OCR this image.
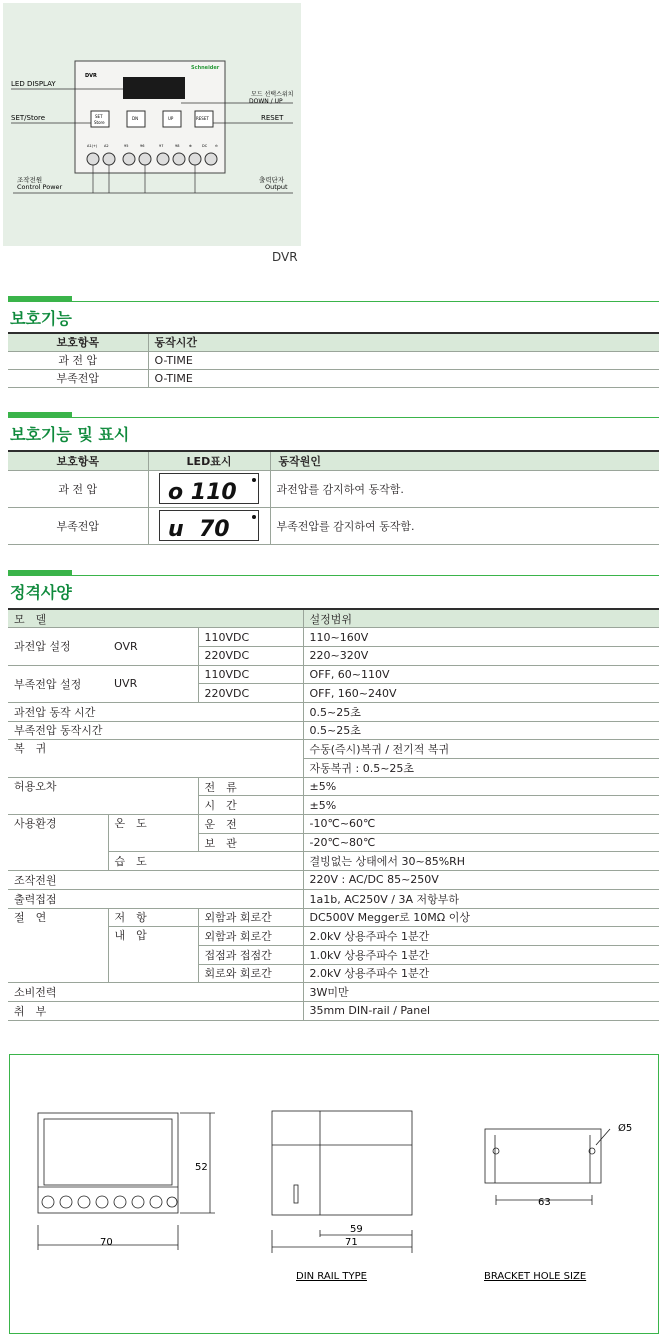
DVR
Schneider
SET
Store
DN	UP	RESET
A1(+) A2	95	96	97	98	⊕	DC ⊖
LED DISPLAY
SET/Store
모드 선택스위치
DOWN / UP
RESET
조작전원
Control Power
출력단자
Output
DVR
보호기능
보호항목	동작시간
과 전 압	O-TIME
부족전압	O-TIME
보호기능 및 표시
보호항목	LED표시	동작원인
과 전 압	o 110	과전압를 감지하여 동작함.
부족전압	u  70	부족전압를 감지하여 동작함.
정격사양
모　델			설정범위
과전압 설정	OVR	110VDC	110~160V
		220VDC	220~320V
부족전압 설정	UVR	110VDC	OFF, 60~110V
		220VDC	OFF, 160~240V
과전압 동작 시간			0.5~25초
부족전압 동작시간			0.5~25초
복　귀			수동(즉시)복귀 / 전기적 복귀
			자동복귀 : 0.5~25초
허용오차		전　류	±5%
		시　간	±5%
사용환경	온　도	운　전	-10℃~60℃
		보　관	-20℃~80℃
	습　도		결빙없는 상태에서 30~85%RH
조작전원			220V : AC/DC 85~250V
출력접점			1a1b, AC250V / 3A 저항부하
절　연	저　항	외함과 회로간	DC500V Megger로 10MΩ 이상
	내　압	외함과 회로간	2.0kV 상용주파수 1분간
		접점과 접점간	1.0kV 상용주파수 1분간
		회로와 회로간	2.0kV 상용주파수 1분간
소비전력			3W미만
취　부			35mm DIN-rail / Panel
70
52
59
71
DIN RAIL TYPE
Ø5
63
BRACKET HOLE SIZE
